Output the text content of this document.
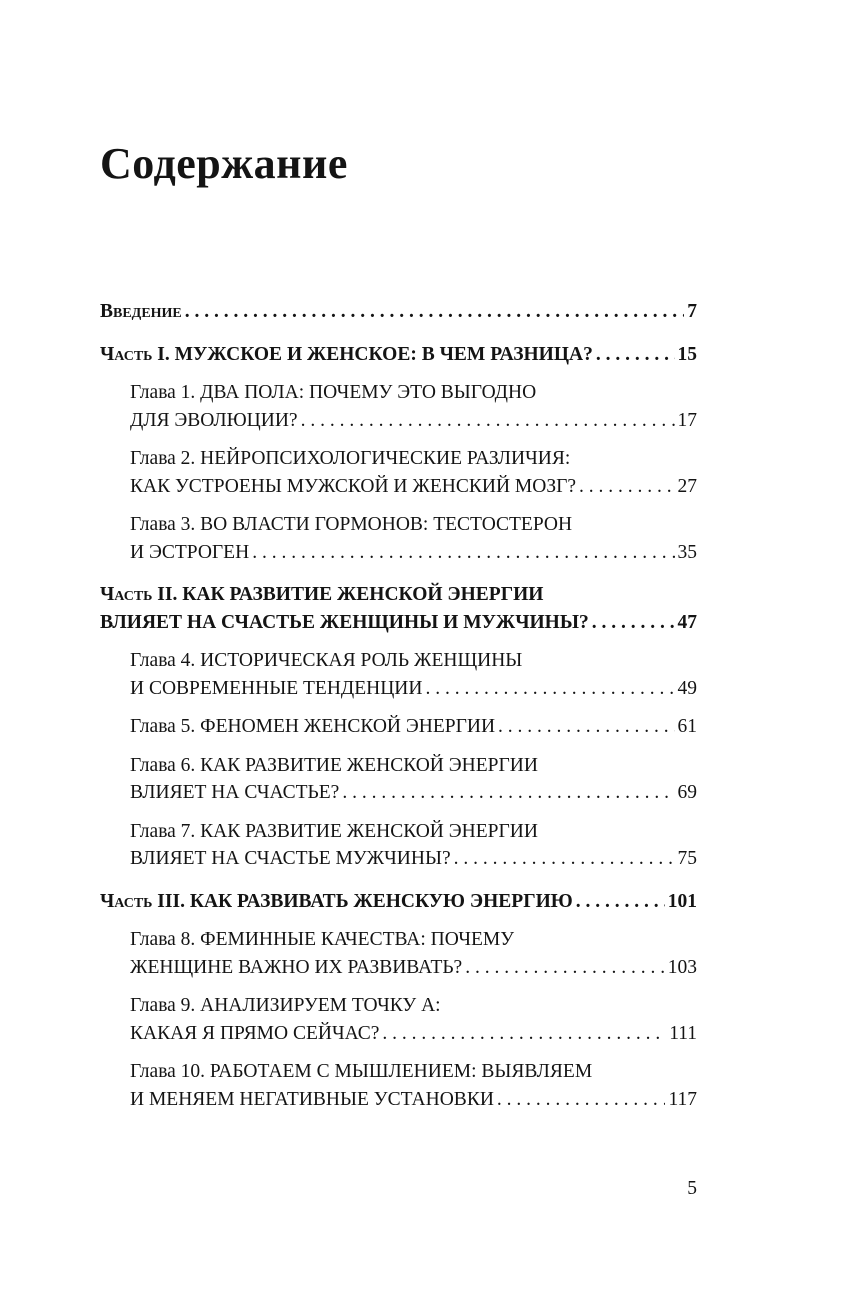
Содержание
Введение . . .	7
Часть I. МУЖСКОЕ И ЖЕНСКОЕ: В ЧЕМ РАЗНИЦА? . . .	15
Глава 1. ДВА ПОЛА: ПОЧЕМУ ЭТО ВЫГОДНО
ДЛЯ ЭВОЛЮЦИИ? . . .	17
Глава 2. НЕЙРОПСИХОЛОГИЧЕСКИЕ РАЗЛИЧИЯ:
КАК УСТРОЕНЫ МУЖСКОЙ И ЖЕНСКИЙ МОЗГ? . . .	27
Глава 3. ВО ВЛАСТИ ГОРМОНОВ: ТЕСТОСТЕРОН
И ЭСТРОГЕН . . .	35
Часть II. КАК РАЗВИТИЕ ЖЕНСКОЙ ЭНЕРГИИ
ВЛИЯЕТ НА СЧАСТЬЕ ЖЕНЩИНЫ И МУЖЧИНЫ? . . .	47
Глава 4. ИСТОРИЧЕСКАЯ РОЛЬ ЖЕНЩИНЫ
И СОВРЕМЕННЫЕ ТЕНДЕНЦИИ . . .	49
Глава 5. ФЕНОМЕН ЖЕНСКОЙ ЭНЕРГИИ . . .	61
Глава 6. КАК РАЗВИТИЕ ЖЕНСКОЙ ЭНЕРГИИ
ВЛИЯЕТ НА СЧАСТЬЕ? . . .	69
Глава 7. КАК РАЗВИТИЕ ЖЕНСКОЙ ЭНЕРГИИ
ВЛИЯЕТ НА СЧАСТЬЕ МУЖЧИНЫ? . . .	75
Часть III. КАК РАЗВИВАТЬ ЖЕНСКУЮ ЭНЕРГИЮ . . .	101
Глава 8. ФЕМИННЫЕ КАЧЕСТВА: ПОЧЕМУ
ЖЕНЩИНЕ ВАЖНО ИХ РАЗВИВАТЬ? . . .	103
Глава 9. АНАЛИЗИРУЕМ ТОЧКУ А:
КАКАЯ Я ПРЯМО СЕЙЧАС? . . .	111
Глава 10. РАБОТАЕМ С МЫШЛЕНИЕМ: ВЫЯВЛЯЕМ
И МЕНЯЕМ НЕГАТИВНЫЕ УСТАНОВКИ . . .	117
5
